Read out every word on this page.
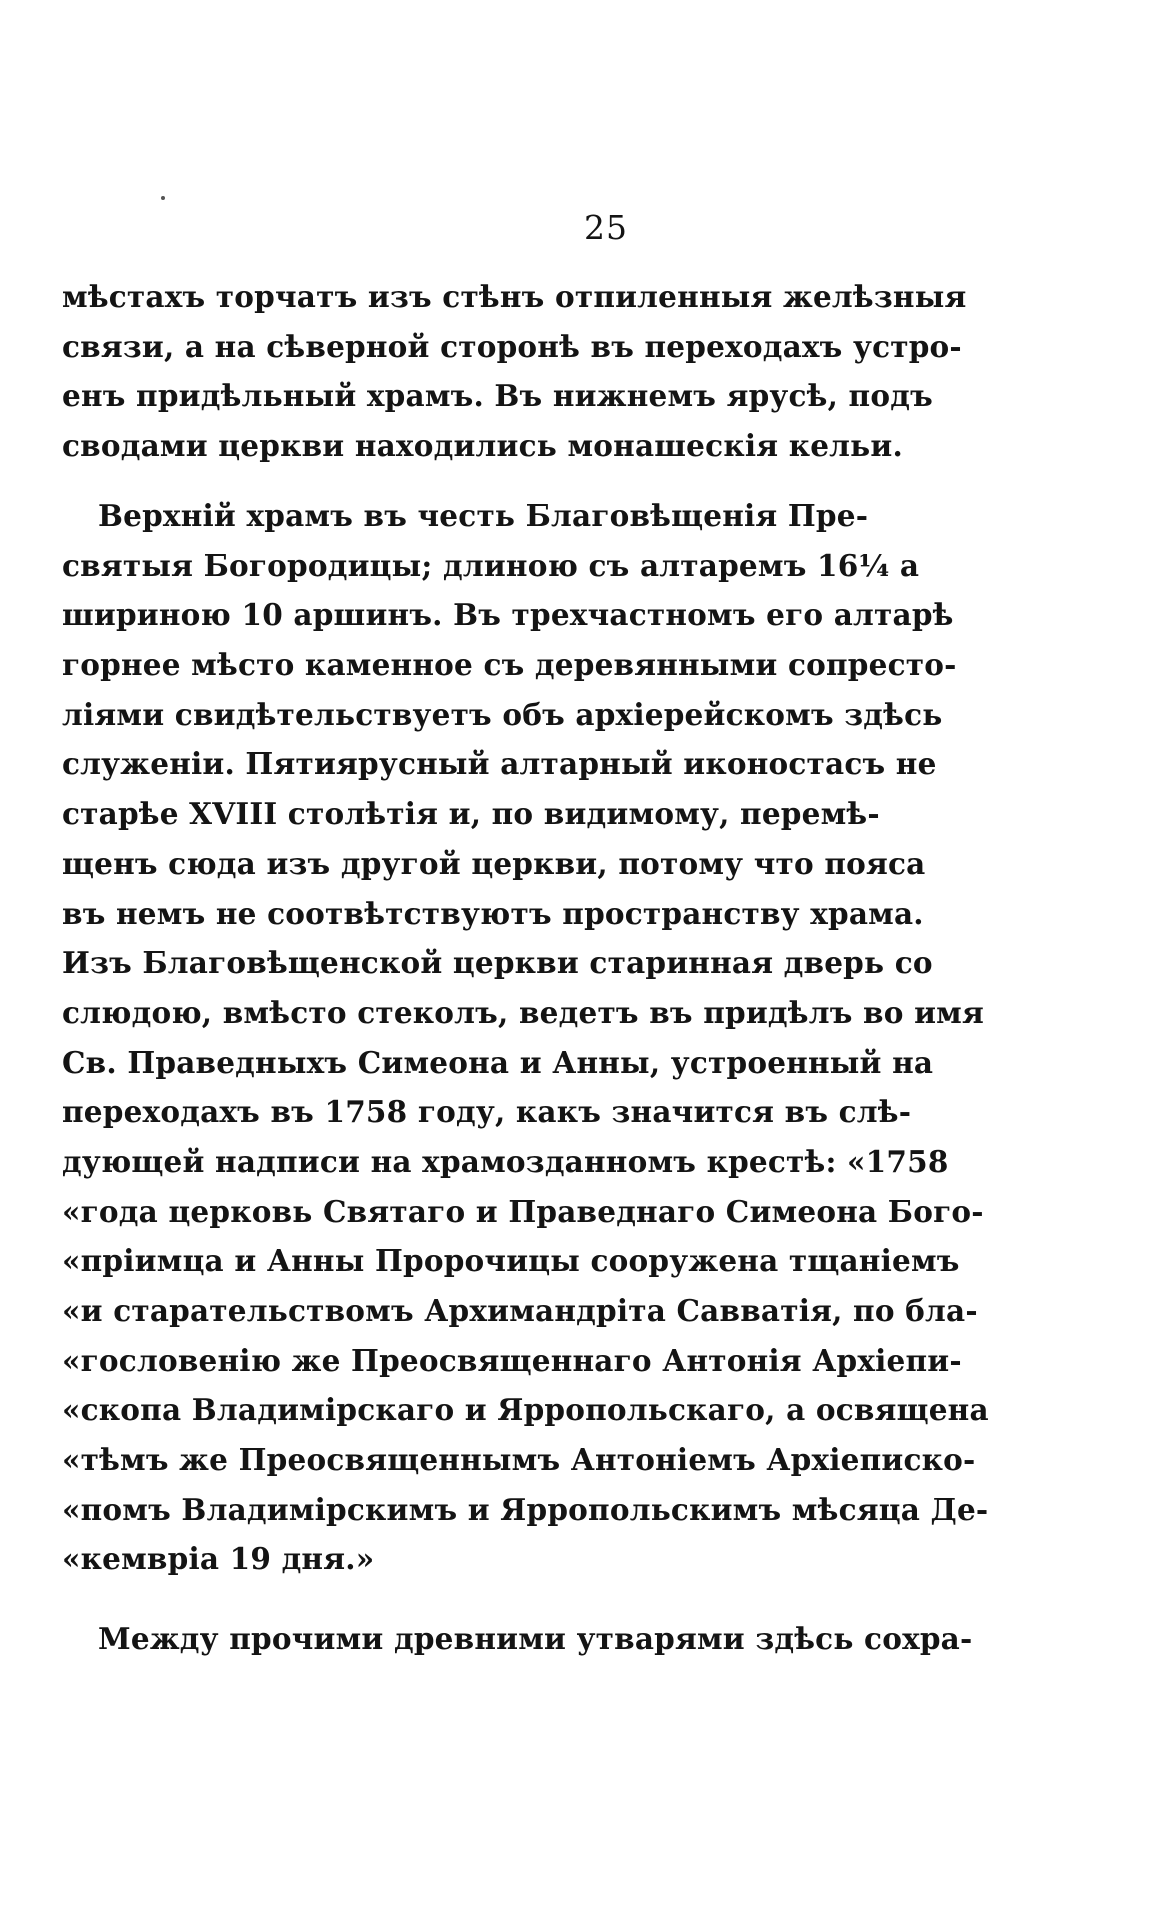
25
мѣстахъ торчатъ изъ стѣнъ отпиленныя желѣзныя
связи, а на сѣверной сторонѣ въ переходахъ устро-
енъ придѣльный храмъ. Въ нижнемъ ярусѣ, подъ
сводами церкви находились монашескія кельи.
Верхній храмъ въ честь Благовѣщенія Пре-
святыя Богородицы; длиною съ алтаремъ 16¼ а
шириною 10 аршинъ. Въ трехчастномъ его алтарѣ
горнее мѣсто каменное съ деревянными сопресто-
ліями свидѣтельствуетъ объ архіерейскомъ здѣсь
служеніи. Пятиярусный алтарный иконостасъ не
старѣе XVIII столѣтія и, по видимому, перемѣ-
щенъ сюда изъ другой церкви, потому что пояса
въ немъ не соотвѣтствуютъ пространству храма.
Изъ Благовѣщенской церкви старинная дверь со
слюдою, вмѣсто стеколъ, ведетъ въ придѣлъ во имя
Св. Праведныхъ Симеона и Анны, устроенный на
переходахъ въ 1758 году, какъ значится въ слѣ-
дующей надписи на храмозданномъ крестѣ: «1758
«года церковь Святаго и Праведнаго Симеона Бого-
«пріимца и Анны Пророчицы сооружена тщаніемъ
«и старательствомъ Архимандріта Савватія, по бла-
«гословенію же Преосвященнаго Антонія Архіепи-
«скопа Владимірскаго и Ярропольскаго, а освящена
«тѣмъ же Преосвященнымъ Антоніемъ Архіеписко-
«помъ Владимірскимъ и Ярропольскимъ мѣсяца Де-
«кемвріа 19 дня.»
Между прочими древними утварями здѣсь сохра-
